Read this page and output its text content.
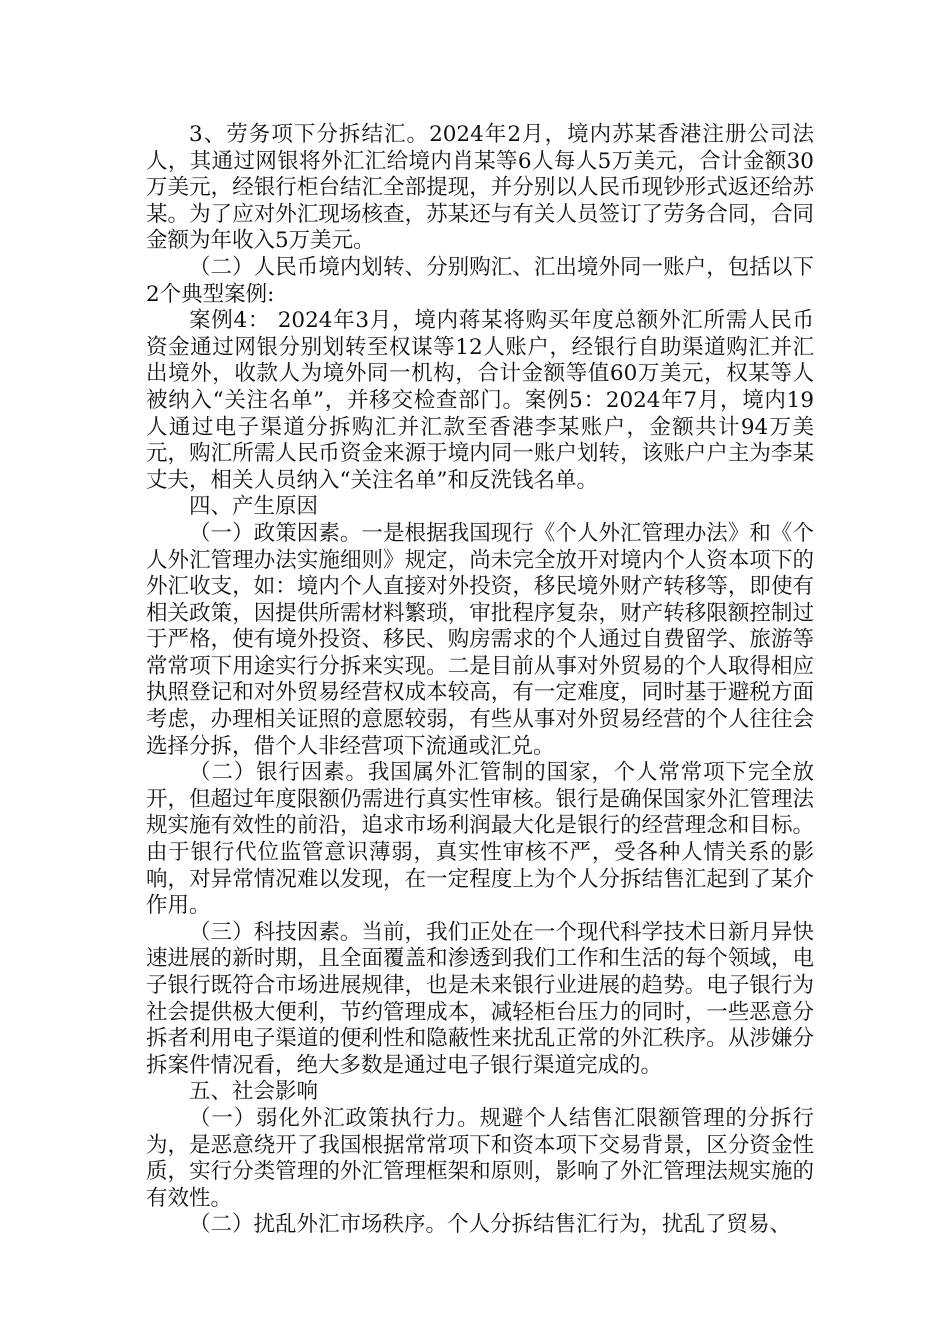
3、劳务项下分拆结汇。2024年2月，境内苏某香港注册公司法人，其通过网银将外汇汇给境内肖某等6人每人5万美元，合计金额30万美元，经银行柜台结汇全部提现，并分别以人民币现钞形式返还给苏某。为了应对外汇现场核查，苏某还与有关人员签订了劳务合同，合同金额为年收入5万美元。

（二）人民币境内划转、分别购汇、汇出境外同一账户，包括以下2个典型案例:

案例4： 2024年3月，境内蒋某将购买年度总额外汇所需人民币资金通过网银分别划转至权谋等12人账户，经银行自助渠道购汇并汇出境外，收款人为境外同一机构，合计金额等值60万美元，权某等人被纳入“关注名单”，并移交检查部门。案例5：2024年7月，境内19人通过电子渠道分拆购汇并汇款至香港李某账户，金额共计94万美元，购汇所需人民币资金来源于境内同一账户划转，该账户户主为李某丈夫，相关人员纳入“关注名单”和反洗钱名单。

四、产生原因

（一）政策因素。一是根据我国现行《个人外汇管理办法》和《个人外汇管理办法实施细则》规定，尚未完全放开对境内个人资本项下的外汇收支，如：境内个人直接对外投资，移民境外财产转移等，即使有相关政策，因提供所需材料繁琐，审批程序复杂，财产转移限额控制过于严格，使有境外投资、移民、购房需求的个人通过自费留学、旅游等常常项下用途实行分拆来实现。二是目前从事对外贸易的个人取得相应执照登记和对外贸易经营权成本较高，有一定难度，同时基于避税方面考虑，办理相关证照的意愿较弱，有些从事对外贸易经营的个人往往会选择分拆，借个人非经营项下流通或汇兑。

（二）银行因素。我国属外汇管制的国家，个人常常项下完全放开，但超过年度限额仍需进行真实性审核。银行是确保国家外汇管理法规实施有效性的前沿，追求市场利润最大化是银行的经营理念和目标。由于银行代位监管意识薄弱，真实性审核不严，受各种人情关系的影响，对异常情况难以发现，在一定程度上为个人分拆结售汇起到了某介作用。

（三）科技因素。当前，我们正处在一个现代科学技术日新月异快速进展的新时期，且全面覆盖和渗透到我们工作和生活的每个领域，电子银行既符合市场进展规律，也是未来银行业进展的趋势。电子银行为社会提供极大便利，节约管理成本，减轻柜台压力的同时，一些恶意分拆者利用电子渠道的便利性和隐蔽性来扰乱正常的外汇秩序。从涉嫌分拆案件情况看，绝大多数是通过电子银行渠道完成的。

五、社会影响

（一）弱化外汇政策执行力。规避个人结售汇限额管理的分拆行为，是恶意绕开了我国根据常常项下和资本项下交易背景，区分资金性质，实行分类管理的外汇管理框架和原则，影响了外汇管理法规实施的有效性。

（二）扰乱外汇市场秩序。个人分拆结售汇行为，扰乱了贸易、
